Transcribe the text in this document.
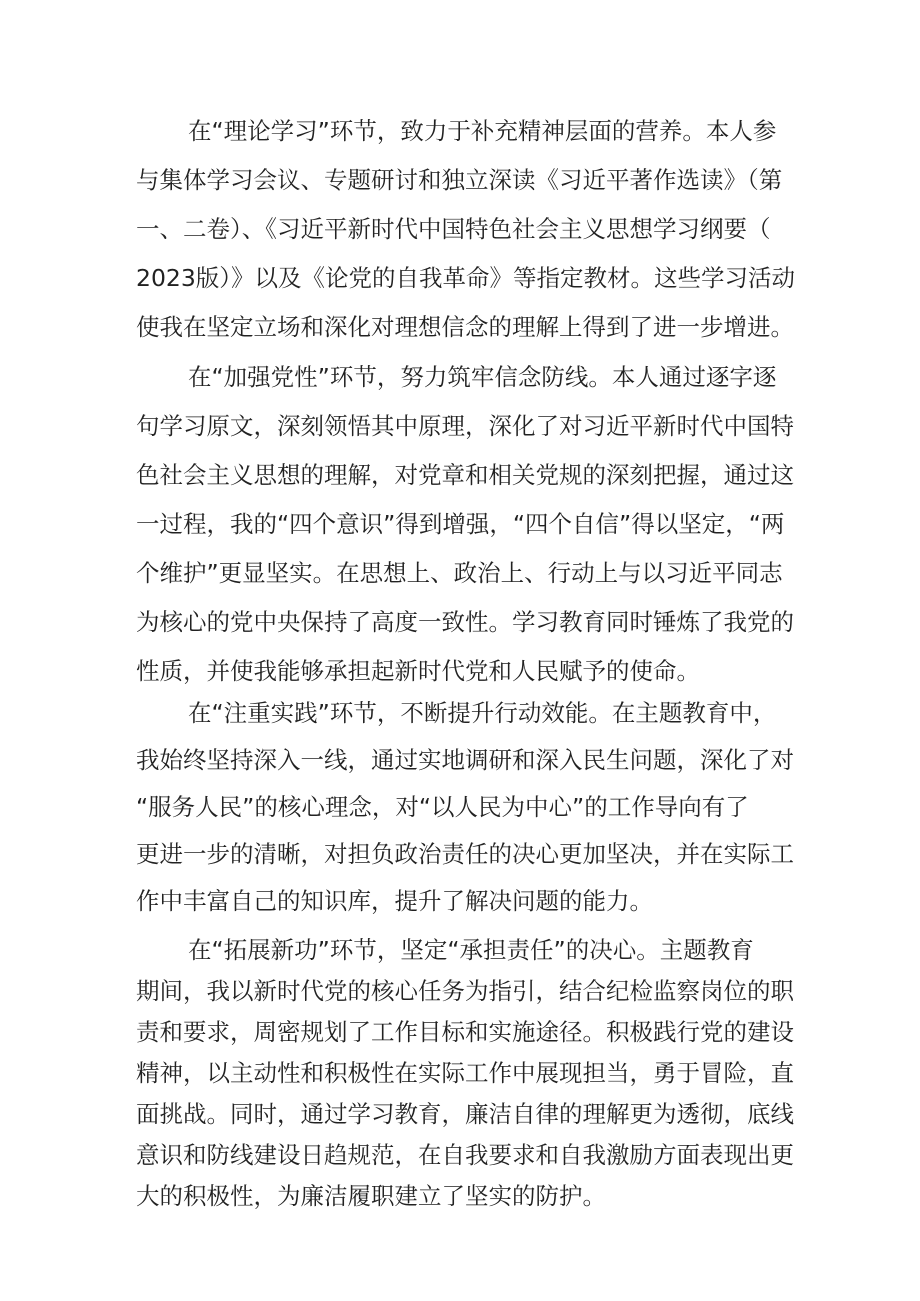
在“理论学习”环节，致力于补充精神层面的营养。本人参
与集体学习会议、专题研讨和独立深读《习近平著作选读》（第
一、二卷）、《习近平新时代中国特色社会主义思想学习纲要（
2023版）》以及《论党的自我革命》等指定教材。这些学习活动
使我在坚定立场和深化对理想信念的理解上得到了进一步增进。
在“加强党性”环节，努力筑牢信念防线。本人通过逐字逐
句学习原文，深刻领悟其中原理，深化了对习近平新时代中国特
色社会主义思想的理解，对党章和相关党规的深刻把握，通过这
一过程，我的“四个意识”得到增强，“四个自信”得以坚定，“两
个维护”更显坚实。在思想上、政治上、行动上与以习近平同志
为核心的党中央保持了高度一致性。学习教育同时锤炼了我党的
性质，并使我能够承担起新时代党和人民赋予的使命。
在“注重实践”环节，不断提升行动效能。在主题教育中，
我始终坚持深入一线，通过实地调研和深入民生问题，深化了对
“服务人民”的核心理念，对“以人民为中心”的工作导向有了
更进一步的清晰，对担负政治责任的决心更加坚决，并在实际工
作中丰富自己的知识库，提升了解决问题的能力。
在“拓展新功”环节，坚定“承担责任”的决心。主题教育
期间，我以新时代党的核心任务为指引，结合纪检监察岗位的职
责和要求，周密规划了工作目标和实施途径。积极践行党的建设
精神，以主动性和积极性在实际工作中展现担当，勇于冒险，直
面挑战。同时，通过学习教育，廉洁自律的理解更为透彻，底线
意识和防线建设日趋规范，在自我要求和自我激励方面表现出更
大的积极性，为廉洁履职建立了坚实的防护。
